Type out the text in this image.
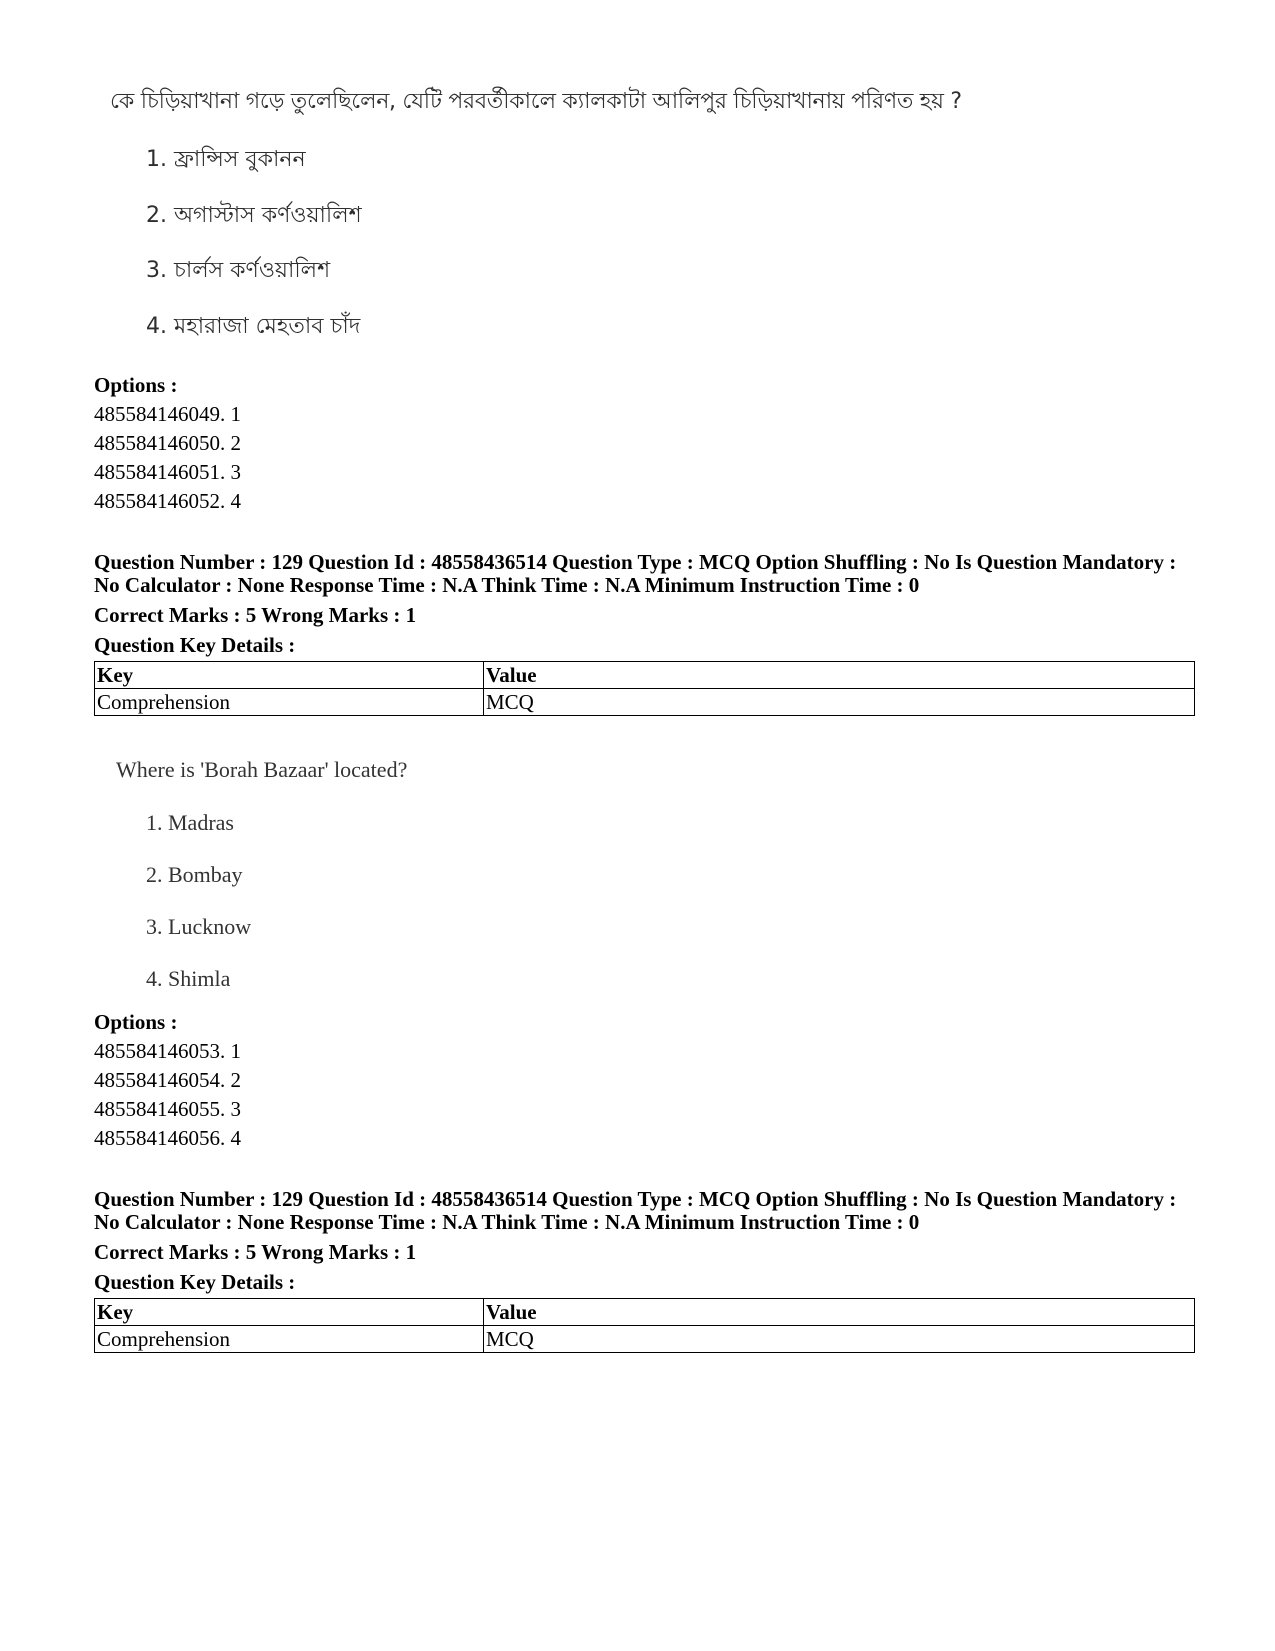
কে চিড়িয়াখানা গড়ে তুলেছিলেন, যেটি পরবর্তীকালে ক্যালকাটা আলিপুর চিড়িয়াখানায় পরিণত হয় ?
1. ফ্রান্সিস বুকানন
2. অগাস্টাস কর্ণওয়ালিশ
3. চার্লস কর্ণওয়ালিশ
4. মহারাজা মেহতাব চাঁদ
Options :
485584146049. 1
485584146050. 2
485584146051. 3
485584146052. 4
Question Number : 129 Question Id : 48558436514 Question Type : MCQ Option Shuffling : No Is Question Mandatory :
No Calculator : None Response Time : N.A Think Time : N.A Minimum Instruction Time : 0
Correct Marks : 5 Wrong Marks : 1
Question Key Details :
Key	Value
Comprehension	MCQ
Where is 'Borah Bazaar' located?
1. Madras
2. Bombay
3. Lucknow
4. Shimla
Options :
485584146053. 1
485584146054. 2
485584146055. 3
485584146056. 4
Question Number : 129 Question Id : 48558436514 Question Type : MCQ Option Shuffling : No Is Question Mandatory :
No Calculator : None Response Time : N.A Think Time : N.A Minimum Instruction Time : 0
Correct Marks : 5 Wrong Marks : 1
Question Key Details :
Key	Value
Comprehension	MCQ
